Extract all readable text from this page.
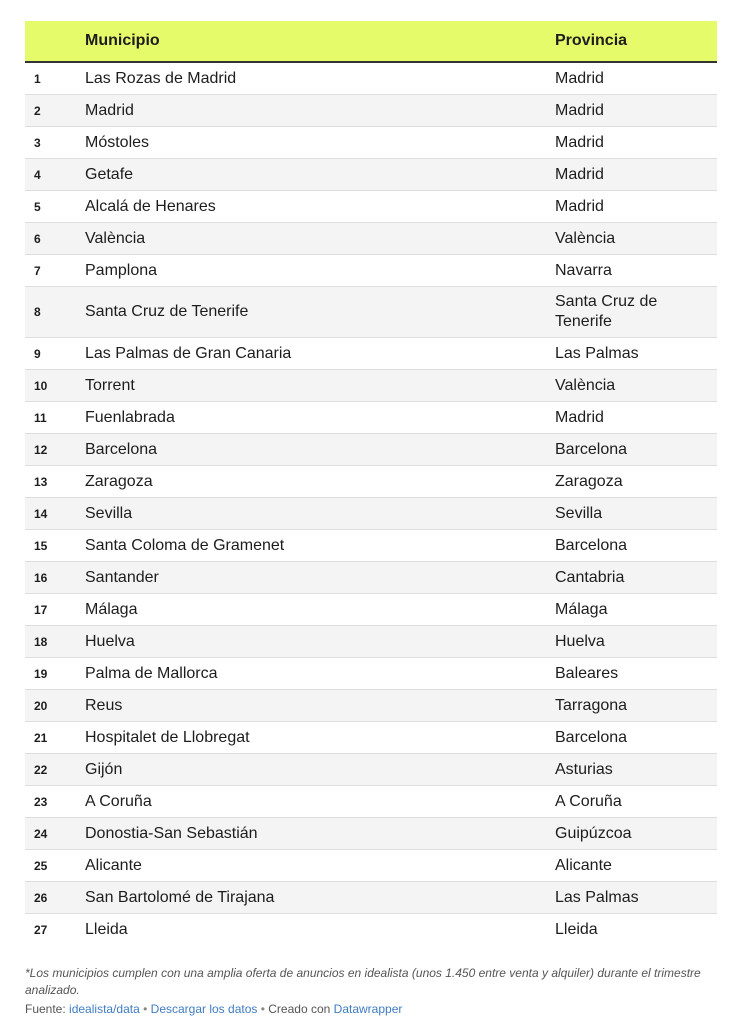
	Municipio	Provincia
1	Las Rozas de Madrid	Madrid
2	Madrid	Madrid
3	Móstoles	Madrid
4	Getafe	Madrid
5	Alcalá de Henares	Madrid
6	València	València
7	Pamplona	Navarra
8	Santa Cruz de Tenerife	Santa Cruz de Tenerife
9	Las Palmas de Gran Canaria	Las Palmas
10	Torrent	València
11	Fuenlabrada	Madrid
12	Barcelona	Barcelona
13	Zaragoza	Zaragoza
14	Sevilla	Sevilla
15	Santa Coloma de Gramenet	Barcelona
16	Santander	Cantabria
17	Málaga	Málaga
18	Huelva	Huelva
19	Palma de Mallorca	Baleares
20	Reus	Tarragona
21	Hospitalet de Llobregat	Barcelona
22	Gijón	Asturias
23	A Coruña	A Coruña
24	Donostia-San Sebastián	Guipúzcoa
25	Alicante	Alicante
26	San Bartolomé de Tirajana	Las Palmas
27	Lleida	Lleida
*Los municipios cumplen con una amplia oferta de anuncios en idealista (unos 1.450 entre venta y alquiler) durante el trimestre analizado.
Fuente: idealista/data • Descargar los datos • Creado con Datawrapper
